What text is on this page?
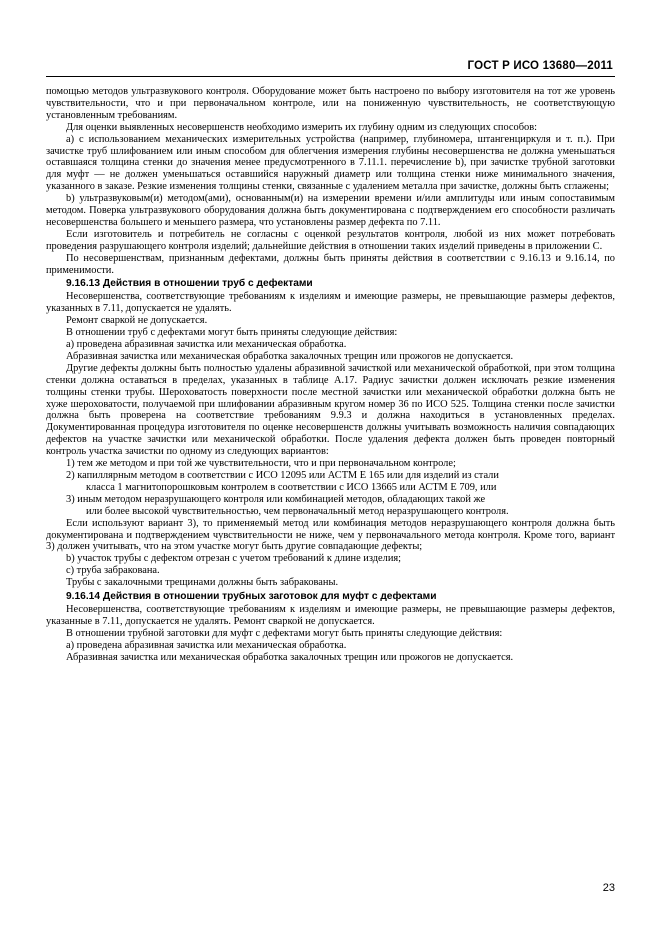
ГОСТ Р ИСО 13680—2011

помощью методов ультразвукового контроля. Оборудование может быть настроено по выбору изготовителя на тот же уровень чувствительности, что и при первоначальном контроле, или на пониженную чувствительность, не соответствующую установленным требованиям.

Для оценки выявленных несовершенств необходимо измерить их глубину одним из следующих способов:

a) с использованием механических измерительных устройства (например, глубиномера, штангенциркуля и т. п.). При зачистке труб шлифованием или иным способом для облегчения измерения глубины несовершенства не должна уменьшаться оставшаяся толщина стенки до значения менее предусмотренного в 7.11.1. перечисление b), при зачистке трубной заготовки для муфт — не должен уменьшаться оставшийся наружный диаметр или толщина стенки ниже минимального значения, указанного в заказе. Резкие изменения толщины стенки, связанные с удалением металла при зачистке, должны быть сглажены;

b) ультразвуковым(и) методом(ами), основанным(и) на измерении времени и/или амплитуды или иным сопоставимым методом. Поверка ультразвукового оборудования должна быть документирована с подтверждением его способности различать несовершенства большего и меньшего размера, что установлены размер дефекта по 7.11.

Если изготовитель и потребитель не согласны с оценкой результатов контроля, любой из них может потребовать проведения разрушающего контроля изделий; дальнейшие действия в отношении таких изделий приведены в приложении С.

По несовершенствам, признанным дефектами, должны быть приняты действия в соответствии с 9.16.13 и 9.16.14, по применимости.

9.16.13 Действия в отношении труб с дефектами

Несовершенства, соответствующие требованиям к изделиям и имеющие размеры, не превышающие размеры дефектов, указанных в 7.11, допускается не удалять.

Ремонт сваркой не допускается.

В отношении труб с дефектами могут быть приняты следующие действия:

a) проведена абразивная зачистка или механическая обработка.

Абразивная зачистка или механическая обработка закалочных трещин или прожогов не допускается.

Другие дефекты должны быть полностью удалены абразивной зачисткой или механической обработкой, при этом толщина стенки должна оставаться в пределах, указанных в таблице А.17. Радиус зачистки должен исключать резкие изменения толщины стенки трубы. Шероховатость поверхности после местной зачистки или механической обработки должна быть не хуже шероховатости, получаемой при шлифовании абразивным кругом номер 36 по ИСО 525. Толщина стенки после зачистки должна быть проверена на соответствие требованиям 9.9.3 и должна находиться в установленных пределах. Документированная процедура изготовителя по оценке несовершенств должны учитывать возможность наличия совпадающих дефектов на участке зачистки или механической обработки. После удаления дефекта должен быть проведен повторный контроль участка зачистки по одному из следующих вариантов:

1) тем же методом и при той же чувствительности, что и при первоначальном контроле;

2) капиллярным методом в соответствии с ИСО 12095 или АСТМ Е 165 или для изделий из стали

класса 1 магнитопорошковым контролем в соответствии с ИСО 13665 или АСТМ Е 709, или

3) иным методом неразрушающего контроля или комбинацией методов, обладающих такой же

или более высокой чувствительностью, чем первоначальный метод неразрушающего контроля.

Если используют вариант 3), то применяемый метод или комбинация методов неразрушающего контроля должна быть документирована и подтверждением чувствительности не ниже, чем у первоначального метода контроля. Кроме того, вариант 3) должен учитывать, что на этом участке могут быть другие совпадающие дефекты;

b) участок трубы с дефектом отрезан с учетом требований к длине изделия;

c) труба забракована.

Трубы с закалочными трещинами должны быть забракованы.

9.16.14 Действия в отношении трубных заготовок для муфт с дефектами

Несовершенства, соответствующие требованиям к изделиям и имеющие размеры, не превышающие размеры дефектов, указанные в 7.11, допускается не удалять. Ремонт сваркой не допускается.

В отношении трубной заготовки для муфт с дефектами могут быть приняты следующие действия:

a) проведена абразивная зачистка или механическая обработка.

Абразивная зачистка или механическая обработка закалочных трещин или прожогов не допускается.

23
